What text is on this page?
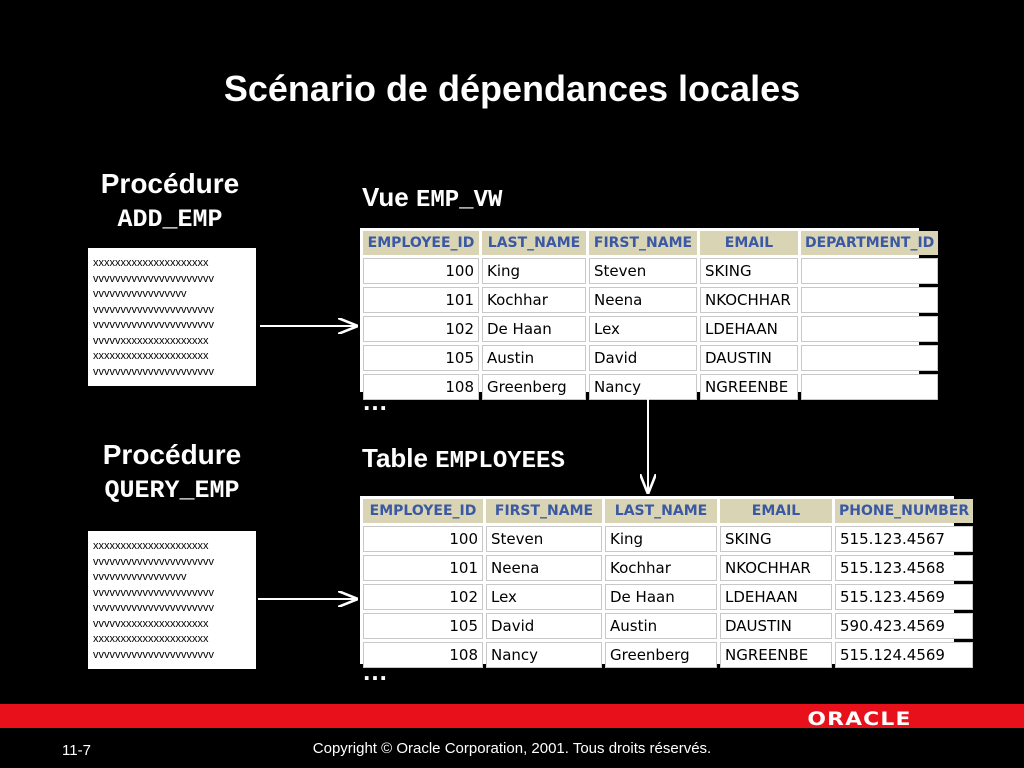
Scénario de dépendances locales
Procédure
ADD_EMP
xxxxxxxxxxxxxxxxxxxxx
vvvvvvvvvvvvvvvvvvvvvv
vvvvvvvvvvvvvvvvv
vvvvvvvvvvvvvvvvvvvvvv
vvvvvvvvvvvvvvvvvvvvvv
vvvvvxxxxxxxxxxxxxxxx
xxxxxxxxxxxxxxxxxxxxx
vvvvvvvvvvvvvvvvvvvvvv
Procédure
QUERY_EMP
xxxxxxxxxxxxxxxxxxxxx
vvvvvvvvvvvvvvvvvvvvvv
vvvvvvvvvvvvvvvvv
vvvvvvvvvvvvvvvvvvvvvv
vvvvvvvvvvvvvvvvvvvvvv
vvvvvxxxxxxxxxxxxxxxx
xxxxxxxxxxxxxxxxxxxxx
vvvvvvvvvvvvvvvvvvvvvv
Vue EMP_VW
EMPLOYEE_ID	LAST_NAME	FIRST_NAME	EMAIL	DEPARTMENT_ID
100	King	Steven	SKING	
101	Kochhar	Neena	NKOCHHAR	
102	De Haan	Lex	LDEHAAN	
105	Austin	David	DAUSTIN	
108	Greenberg	Nancy	NGREENBE	
…
Table EMPLOYEES
EMPLOYEE_ID	FIRST_NAME	LAST_NAME	EMAIL	PHONE_NUMBER
100	Steven	King	SKING	515.123.4567
101	Neena	Kochhar	NKOCHHAR	515.123.4568
102	Lex	De Haan	LDEHAAN	515.123.4569
105	David	Austin	DAUSTIN	590.423.4569
108	Nancy	Greenberg	NGREENBE	515.124.4569
…
ORACLE
11-7	Copyright © Oracle Corporation, 2001. Tous droits réservés.
